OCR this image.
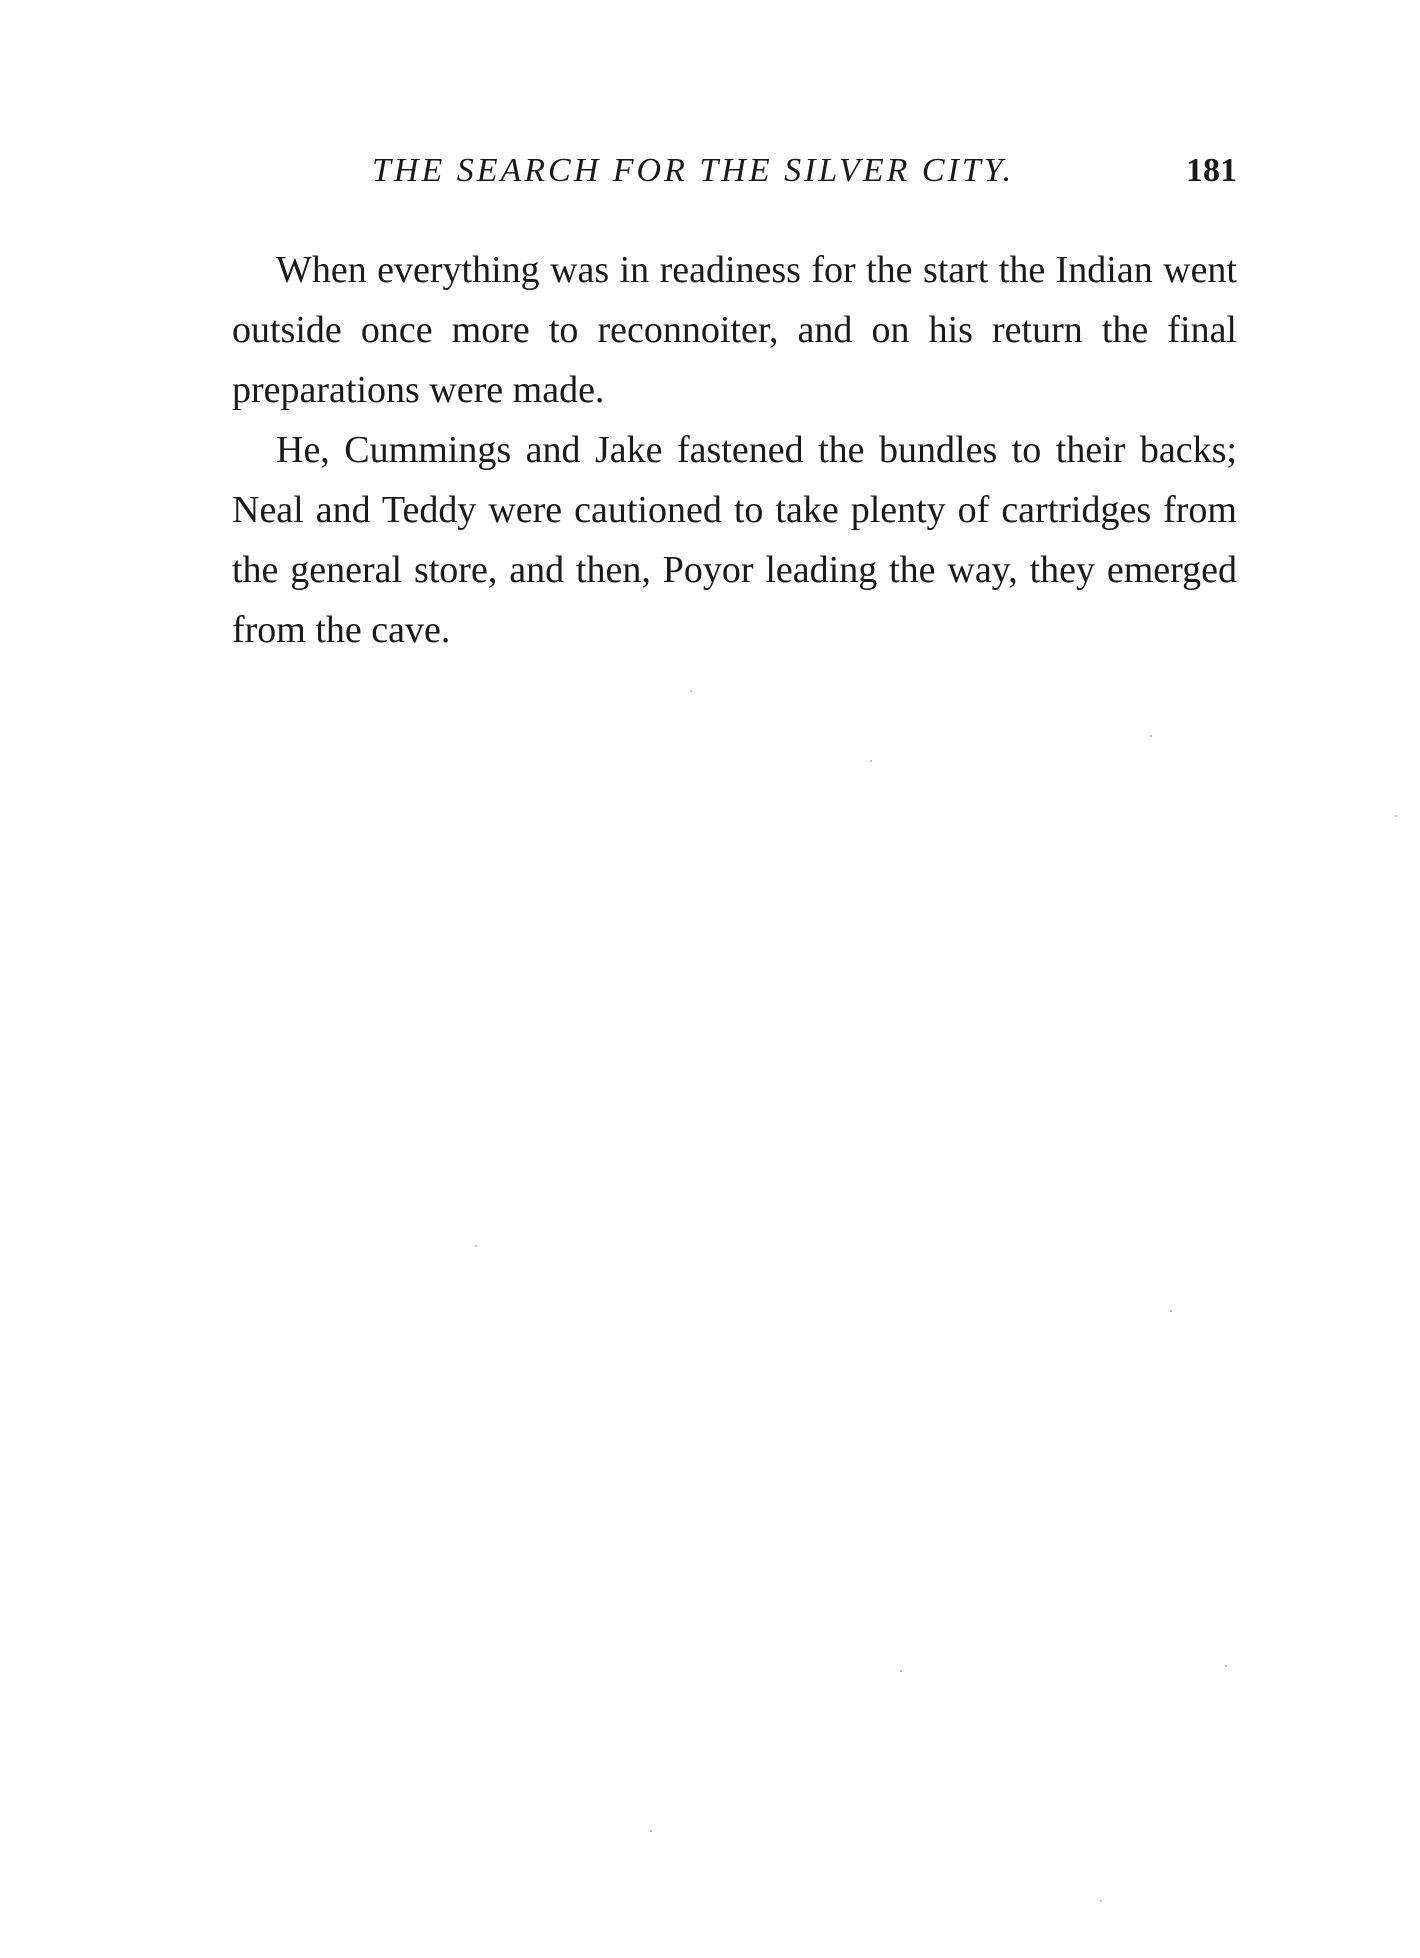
THE SEARCH FOR THE SILVER CITY.	181

When everything was in readiness for the start the Indian went outside once more to reconnoiter, and on his return the final preparations were made.

He, Cummings and Jake fastened the bundles to their backs; Neal and Teddy were cautioned to take plenty of cartridges from the general store, and then, Poyor leading the way, they emerged from the cave.
